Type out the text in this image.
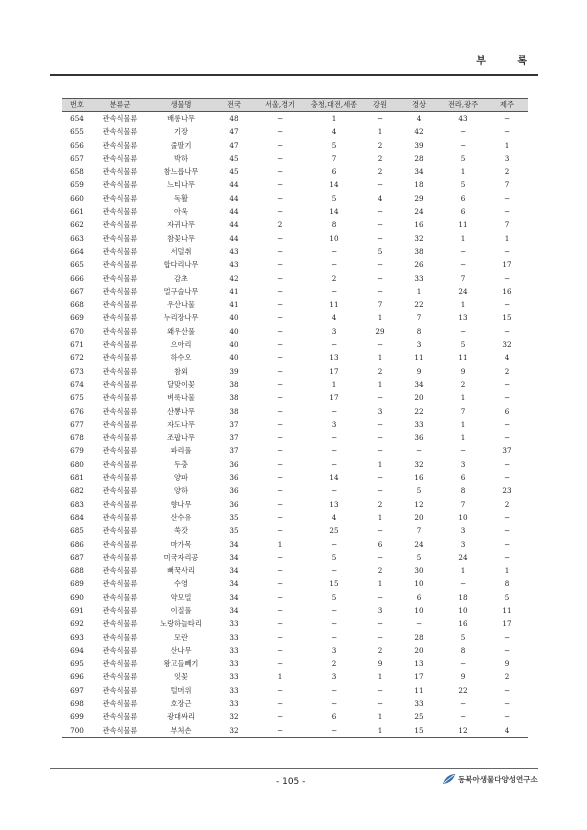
부 록
번호	분류군	생물명	전국	서울,경기	충청,대전,세종	강원	경상	전라,광주	제주
654	관속식물류	배롱나무	48	−	1	−	4	43	−
655	관속식물류	기장	47	−	4	1	42	−	−
656	관속식물류	줄딸기	47	−	5	2	39	−	1
657	관속식물류	박하	45	−	7	2	28	5	3
658	관속식물류	참느릅나무	45	−	6	2	34	1	2
659	관속식물류	느티나무	44	−	14	−	18	5	7
660	관속식물류	독활	44	−	5	4	29	6	−
661	관속식물류	아욱	44	−	14	−	24	6	−
662	관속식물류	자귀나무	44	2	8	−	16	11	7
663	관속식물류	참꽃나무	44	−	10	−	32	1	1
664	관속식물류	서덜취	43	−	−	5	38	−	−
665	관속식물류	합다리나무	43	−	−	−	26	−	17
666	관속식물류	감초	42	−	2	−	33	7	−
667	관속식물류	멀구슬나무	41	−	−	−	1	24	16
668	관속식물류	우산나물	41	−	11	7	22	1	−
669	관속식물류	누리장나무	40	−	4	1	7	13	15
670	관속식물류	왜우산풀	40	−	3	29	8	−	−
671	관속식물류	으아리	40	−	−	−	3	5	32
672	관속식물류	하수오	40	−	13	1	11	11	4
673	관속식물류	참외	39	−	17	2	9	9	2
674	관속식물류	달맞이꽃	38	−	1	1	34	2	−
675	관속식물류	벼룩나물	38	−	17	−	20	1	−
676	관속식물류	산뽕나무	38	−	−	3	22	7	6
677	관속식물류	자도나무	37	−	3	−	33	1	−
678	관속식물류	조팝나무	37	−	−	−	36	1	−
679	관속식물류	파리풀	37	−	−	−	−	−	37
680	관속식물류	두충	36	−	−	1	32	3	−
681	관속식물류	양파	36	−	14	−	16	6	−
682	관속식물류	양하	36	−	−	−	5	8	23
683	관속식물류	향나무	36	−	13	2	12	7	2
684	관속식물류	산수유	35	−	4	1	20	10	−
685	관속식물류	쑥갓	35	−	25	−	7	3	−
686	관속식물류	마가목	34	1	−	6	24	3	−
687	관속식물류	미국자리공	34	−	5	−	5	24	−
688	관속식물류	뻐꾹사리	34	−	−	2	30	1	1
689	관속식물류	수영	34	−	15	1	10	−	8
690	관속식물류	약모밀	34	−	5	−	6	18	5
691	관속식물류	이질풀	34	−	−	3	10	10	11
692	관속식물류	노랑하늘타리	33	−	−	−	−	16	17
693	관속식물류	모란	33	−	−	−	28	5	−
694	관속식물류	산나무	33	−	3	2	20	8	−
695	관속식물류	왕고들빼기	33	−	2	9	13	−	9
696	관속식물류	잇꽃	33	1	3	1	17	9	2
697	관속식물류	털머위	33	−	−	−	11	22	−
698	관속식물류	호장근	33	−	−	−	33	−	−
699	관속식물류	광대싸리	32	−	6	1	25	−	−
700	관속식물류	부처손	32	−	−	1	15	12	4
- 105 -	동북아생물다양성연구소
